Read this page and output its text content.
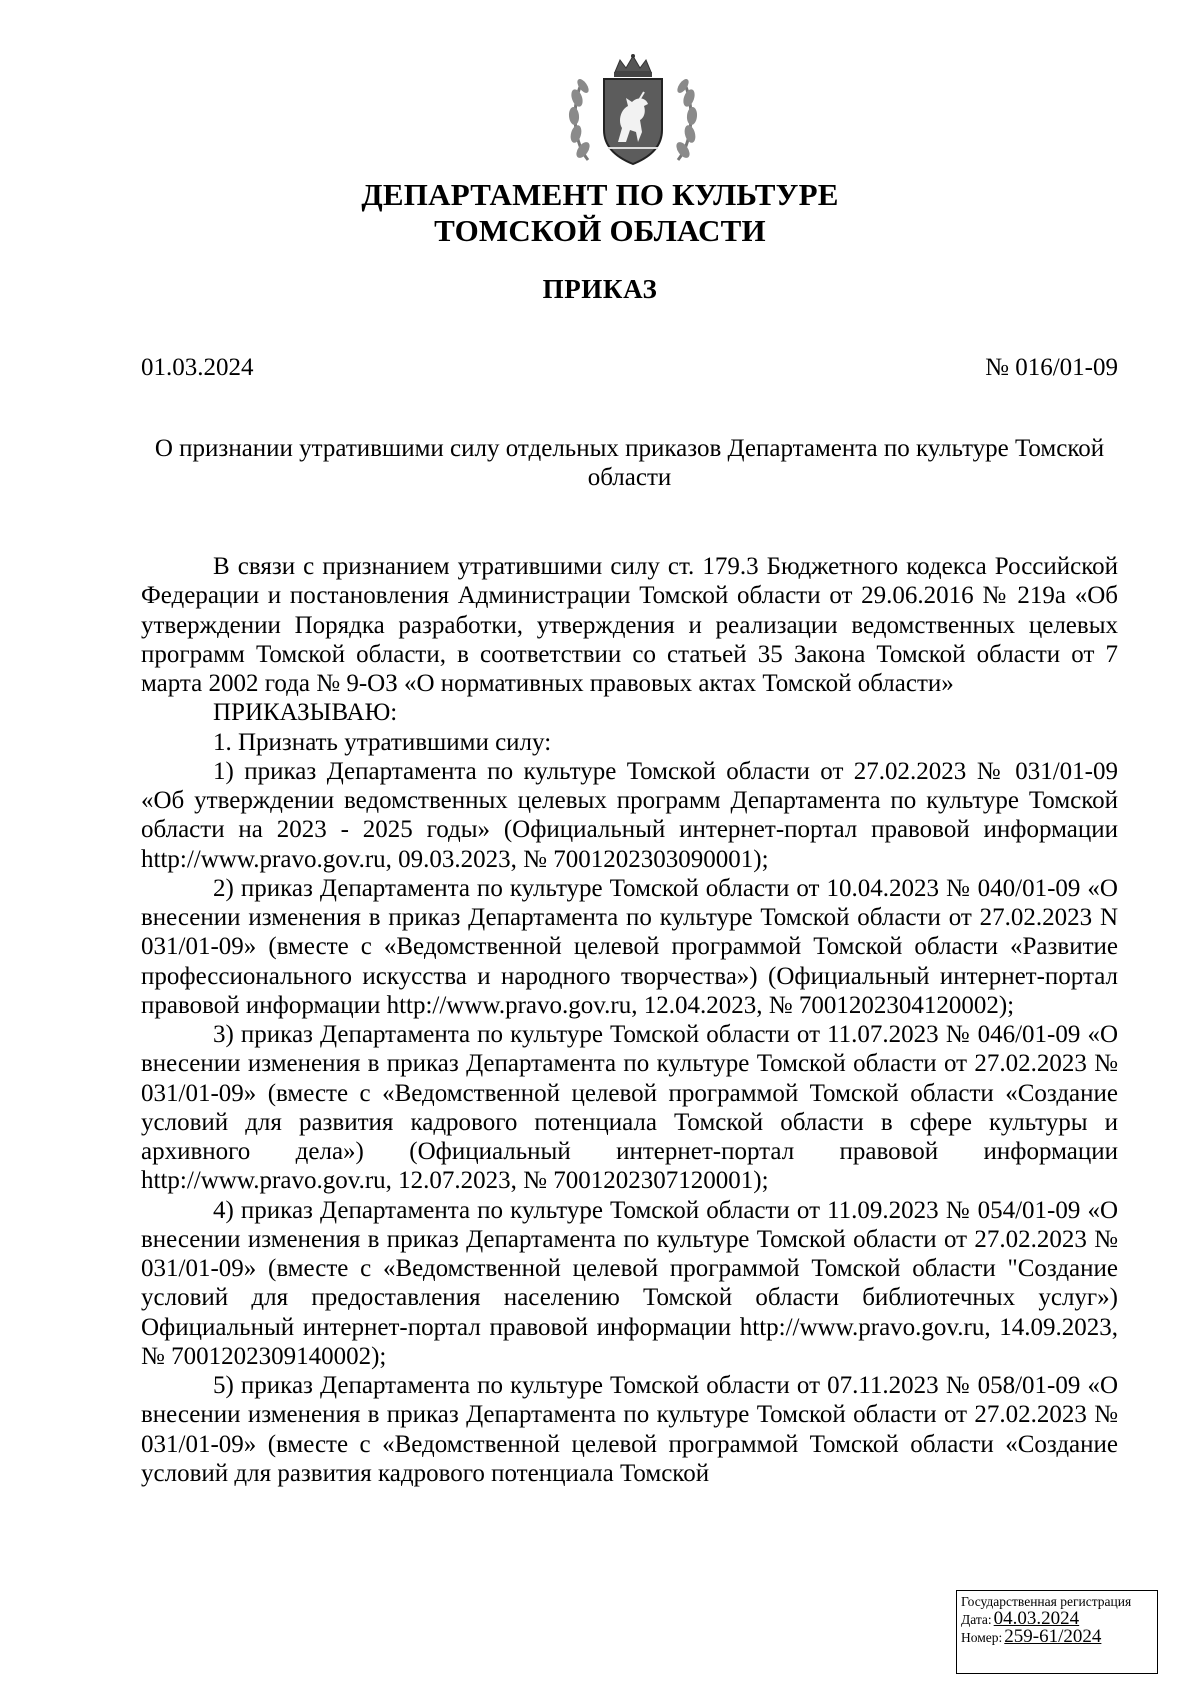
ДЕПАРТАМЕНТ ПО КУЛЬТУРЕ
ТОМСКОЙ ОБЛАСТИ
ПРИКАЗ
01.03.2024	№ 016/01-09
О признании утратившими силу отдельных приказов Департамента по культуре Томской области

В связи с признанием утратившими силу ст. 179.3 Бюджетного кодекса Российской Федерации и постановления Администрации Томской области от 29.06.2016 № 219а «Об утверждении Порядка разработки, утверждения и реализации ведомственных целевых программ Томской области, в соответствии со статьей 35 Закона Томской области от 7 марта 2002 года № 9-ОЗ «О нормативных правовых актах Томской области»

ПРИКАЗЫВАЮ:

1. Признать утратившими силу:

1) приказ Департамента по культуре Томской области от 27.02.2023 № 031/01-09 «Об утверждении ведомственных целевых программ Департамента по культуре Томской области на 2023 - 2025 годы» (Официальный интернет-портал правовой информации http://www.pravo.gov.ru, 09.03.2023, № 7001202303090001);

2) приказ Департамента по культуре Томской области от 10.04.2023 № 040/01-09 «О внесении изменения в приказ Департамента по культуре Томской области от 27.02.2023 N 031/01-09» (вместе с «Ведомственной целевой программой Томской области «Развитие профессионального искусства и народного творчества») (Официальный интернет-портал правовой информации http://www.pravo.gov.ru, 12.04.2023, № 7001202304120002);

3) приказ Департамента по культуре Томской области от 11.07.2023 № 046/01-09 «О внесении изменения в приказ Департамента по культуре Томской области от 27.02.2023 № 031/01-09» (вместе с «Ведомственной целевой программой Томской области «Создание условий для развития кадрового потенциала Томской области в сфере культуры и архивного дела») (Официальный интернет-портал правовой информации http://www.pravo.gov.ru, 12.07.2023, № 7001202307120001);

4) приказ Департамента по культуре Томской области от 11.09.2023 № 054/01-09 «О внесении изменения в приказ Департамента по культуре Томской области от 27.02.2023 № 031/01-09» (вместе с «Ведомственной целевой программой Томской области "Создание условий для предоставления населению Томской области библиотечных услуг») Официальный интернет-портал правовой информации http://www.pravo.gov.ru, 14.09.2023, № 7001202309140002);

5) приказ Департамента по культуре Томской области от 07.11.2023 № 058/01-09 «О внесении изменения в приказ Департамента по культуре Томской области от 27.02.2023 № 031/01-09» (вместе с «Ведомственной целевой программой Томской области «Создание условий для развития кадрового потенциала Томской

Государственная регистрация
Дата: 04.03.2024
Номер: 259-61/2024
